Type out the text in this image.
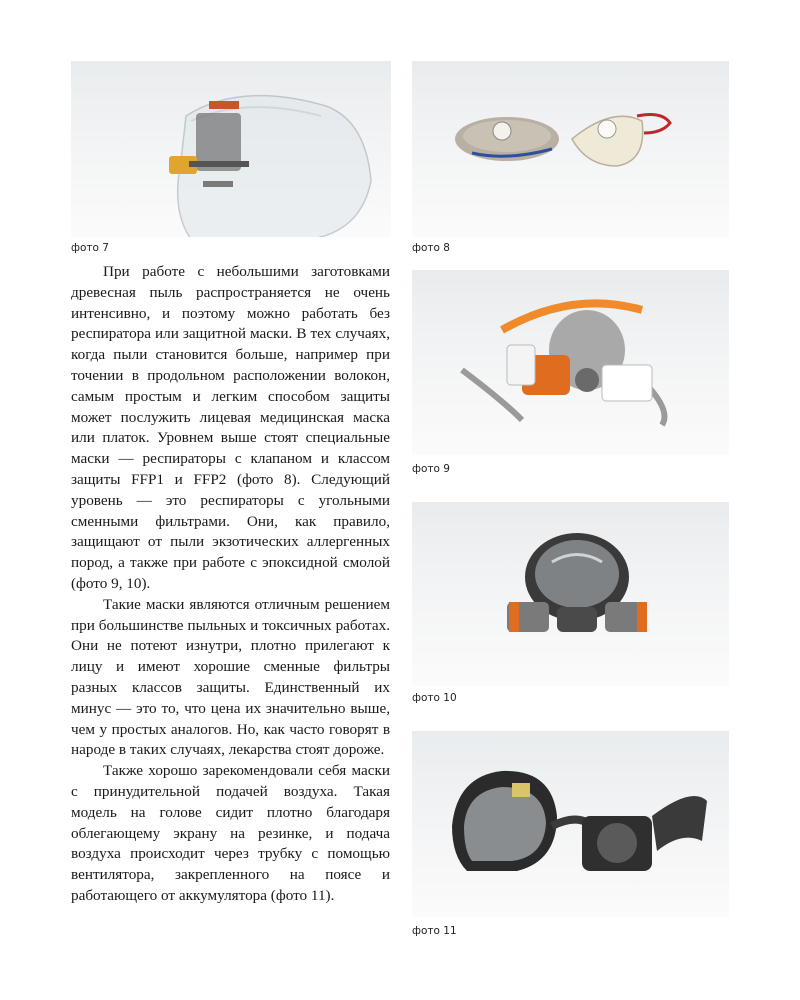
фото 7	фото 8
фото 9
фото 10
фото 11

При работе с небольшими заготовками древесная пыль распространяется не очень интенсивно, и поэтому можно работать без респиратора или защитной маски. В тех случаях, когда пыли становится больше, например при точении в продольном расположении волокон, самым простым и легким способом защиты может послужить лицевая медицинская маска или платок. Уровнем выше стоят специальные маски — респираторы с клапаном и классом защиты FFP1 и FFP2 (фото 8). Следующий уровень — это респираторы с угольными сменными фильтрами. Они, как правило, защищают от пыли экзотических аллергенных пород, а также при работе с эпоксидной смолой (фото 9, 10).

Такие маски являются отличным решением при большинстве пыльных и токсичных работах. Они не потеют изнутри, плотно прилегают к лицу и имеют хорошие сменные фильтры разных классов защиты. Единственный их минус — это то, что цена их значительно выше, чем у простых аналогов. Но, как часто говорят в народе в таких случаях, лекарства стоят дороже.

Также хорошо зарекомендовали себя маски с принудительной подачей воздуха. Такая модель на голове сидит плотно благодаря облегающему экрану на резинке, и подача воздуха происходит через трубку с помощью вентилятора, закрепленного на поясе и работающего от аккумулятора (фото 11).
